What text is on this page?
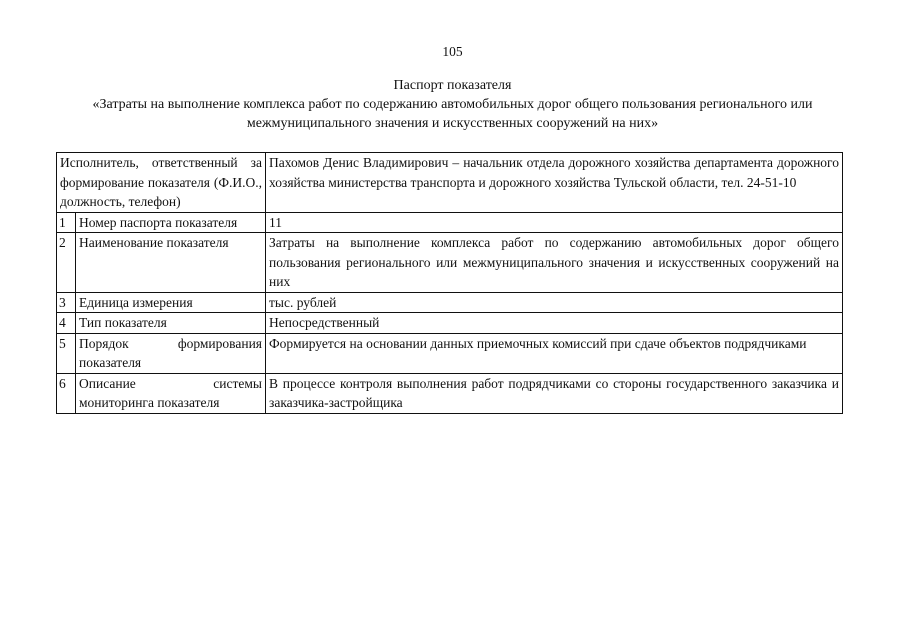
105
Паспорт показателя
«Затраты на выполнение комплекса работ по содержанию автомобильных дорог общего пользования регионального или межмуниципального значения и искусственных сооружений на них»
Исполнитель, ответственный за формирование показателя (Ф.И.О., должность, телефон)		Пахомов Денис Владимирович – начальник отдела дорожного хозяйства департамента дорожного хозяйства министерства транспорта и дорожного хозяйства Тульской области, тел. 24-51-10
1	Номер паспорта показателя	11
2	Наименование показателя	Затраты на выполнение комплекса работ по содержанию автомобильных дорог общего пользования регионального или межмуниципального значения и искусственных сооружений на них
3	Единица измерения	тыс. рублей
4	Тип показателя	Непосредственный
5	Порядок формирования показателя	Формируется на основании данных приемочных комиссий при сдаче объектов подрядчиками
6	Описание системы мониторинга показателя	В процессе контроля выполнения работ подрядчиками со стороны государственного заказчика и заказчика-застройщика
